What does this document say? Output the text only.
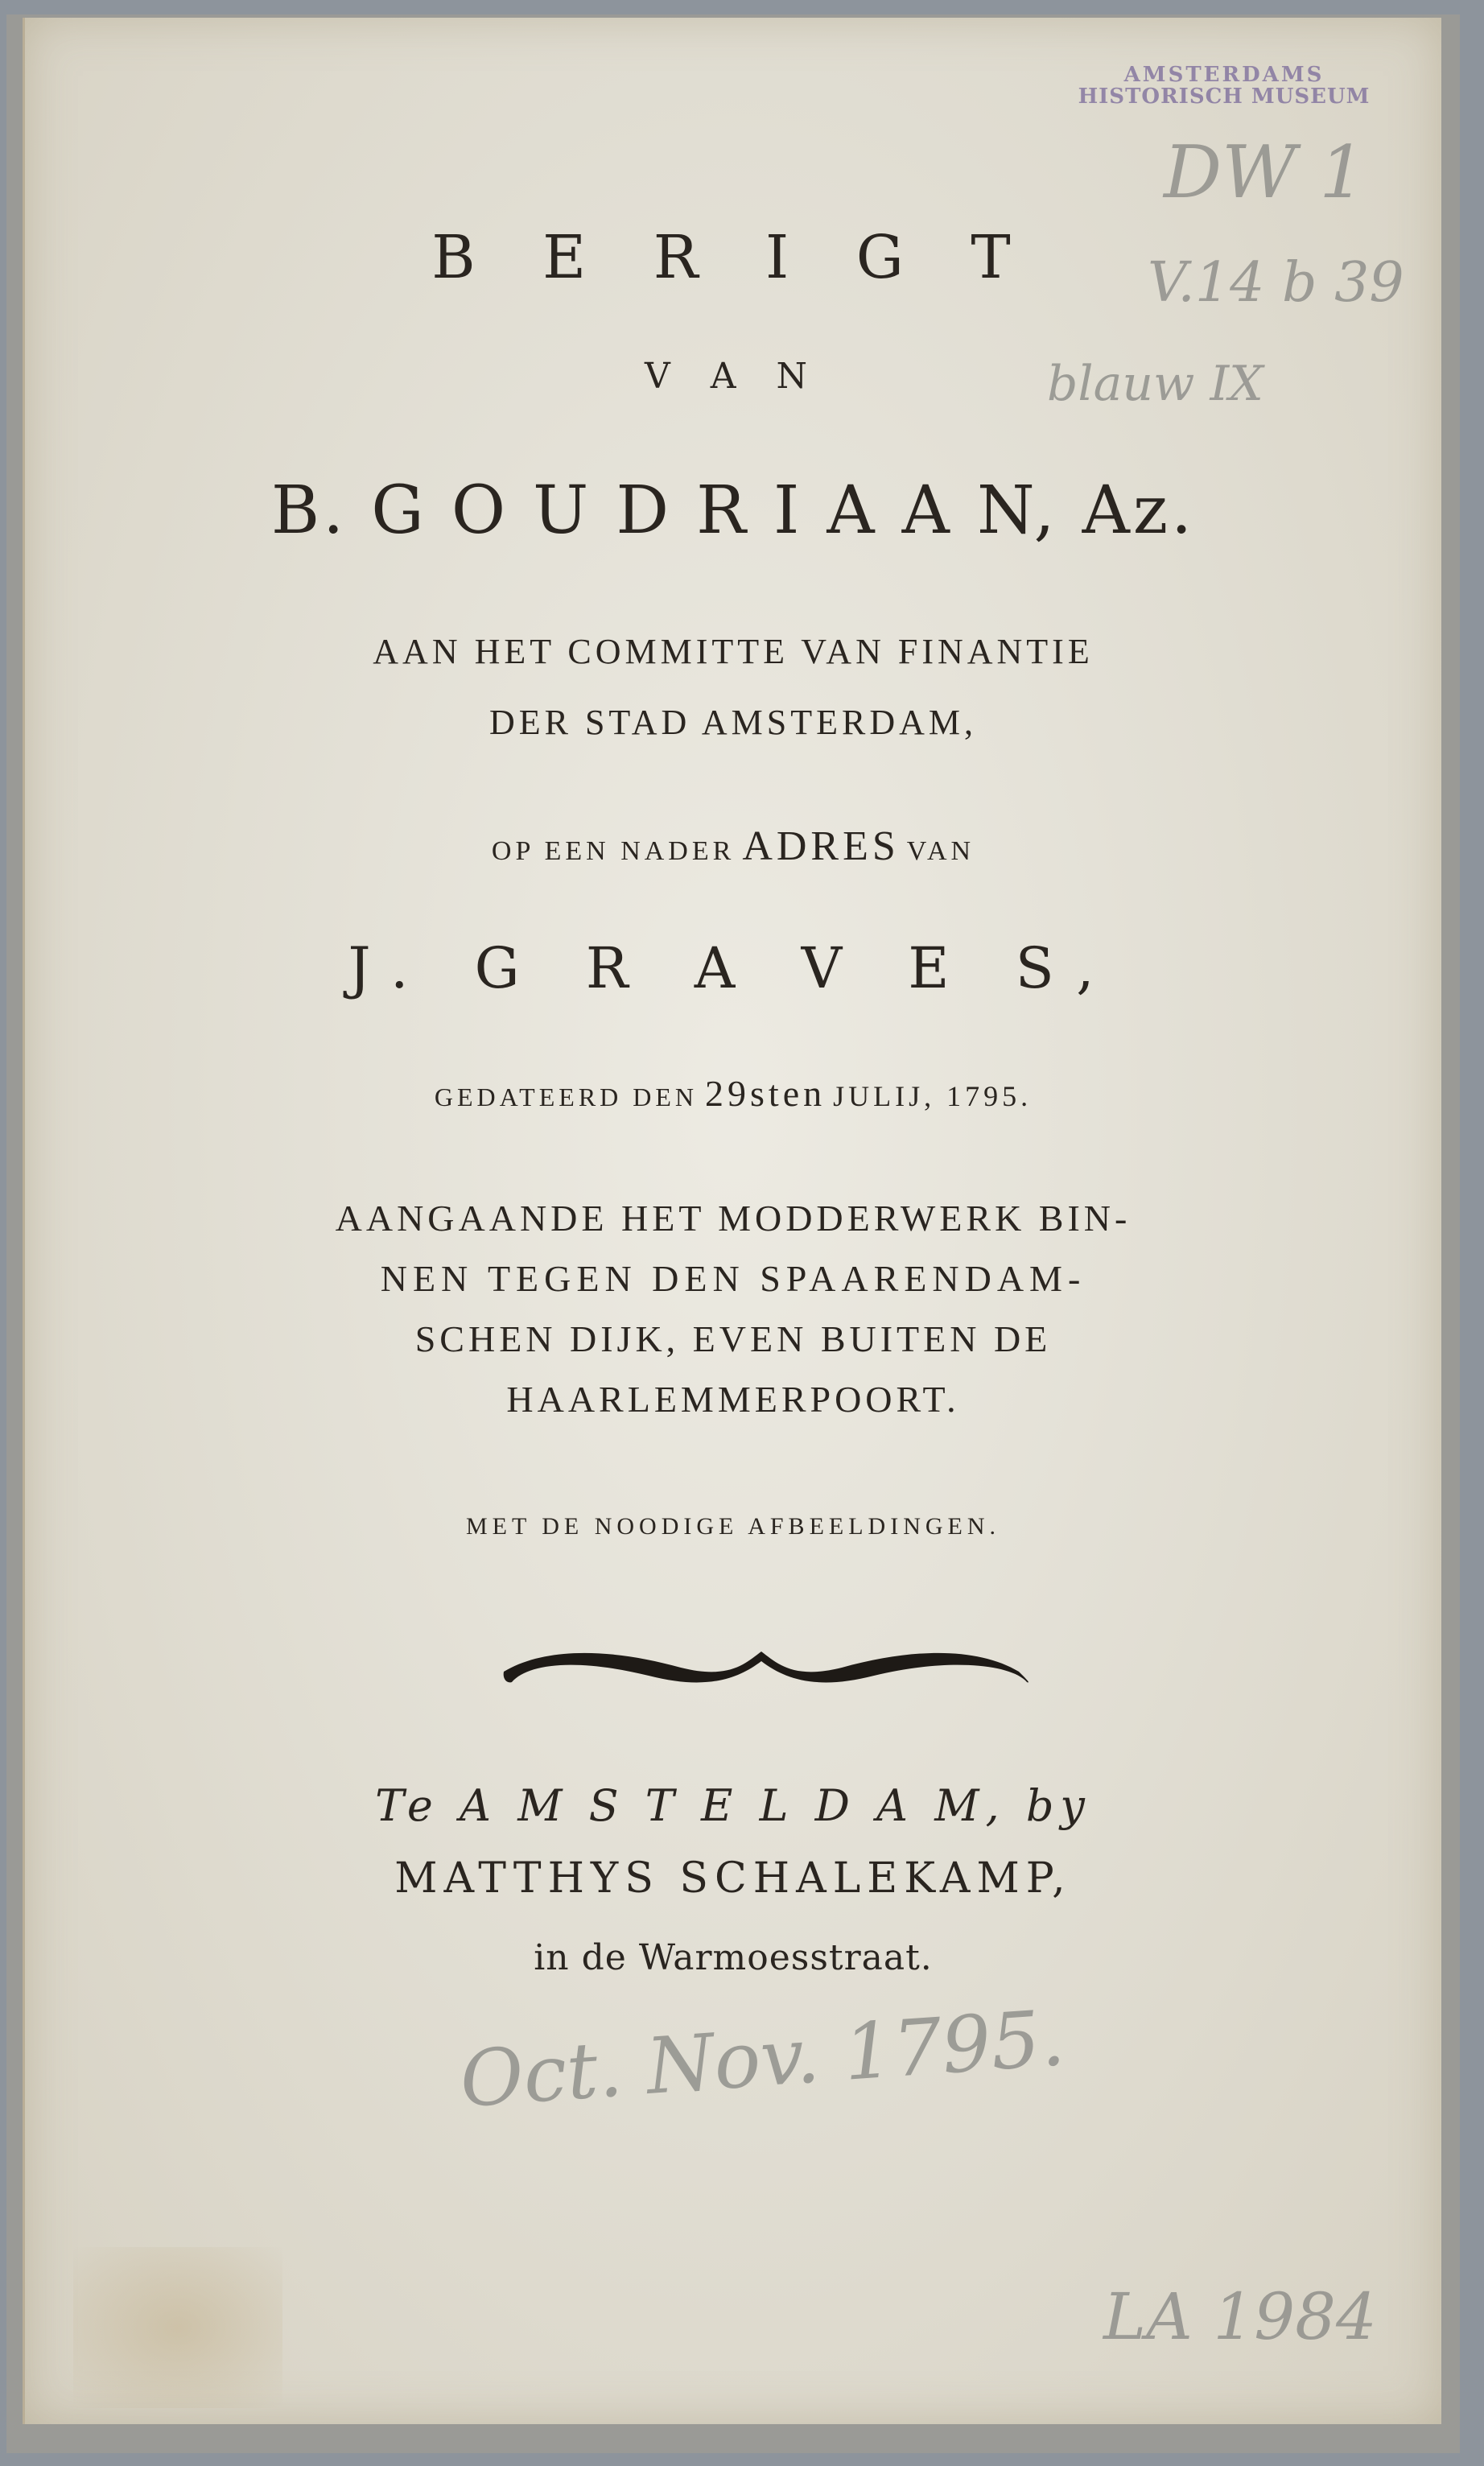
AMSTERDAMS
HISTORISCH MUSEUM
DW 1
V.14 b 39
blauw IX
B E R I G T
V A N
B. G O U D R I A A N, Az.
AAN HET COMMITTE VAN FINANTIE
DER STAD AMSTERDAM,
OP EEN NADER ADRES VAN
J. G R A V E S,
GEDATEERD DEN 29sten JULIJ, 1795.
AANGAANDE HET MODDERWERK BIN-
NEN TEGEN DEN SPAARENDAM-
SCHEN DIJK, EVEN BUITEN DE
HAARLEMMERPOORT.
MET DE NOODIGE AFBEELDINGEN.
Te A M S T E L D A M, by
MATTHYS SCHALEKAMP,
in de Warmoesstraat.
Oct. Nov. 1795.
LA 1984
